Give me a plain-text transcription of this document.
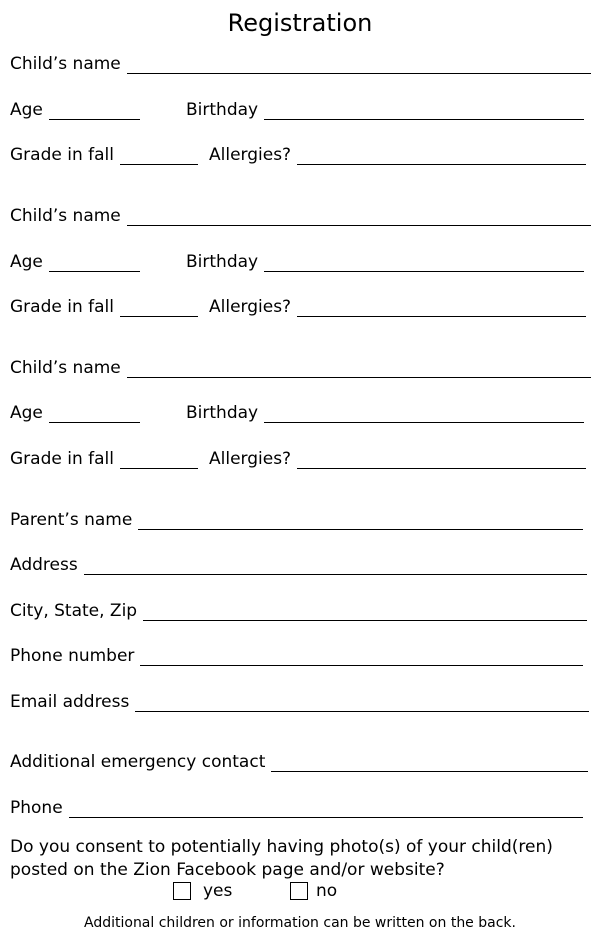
Registration
Child’s name
Age	Birthday
Grade in fall	Allergies?
Child’s name
Age	Birthday
Grade in fall	Allergies?
Child’s name
Age	Birthday
Grade in fall	Allergies?
Parent’s name
Address
City, State, Zip
Phone number
Email address
Additional emergency contact
Phone
Do you consent to potentially having photo(s) of your child(ren)
posted on the Zion Facebook page and/or website?
yes	no
Additional children or information can be written on the back.
